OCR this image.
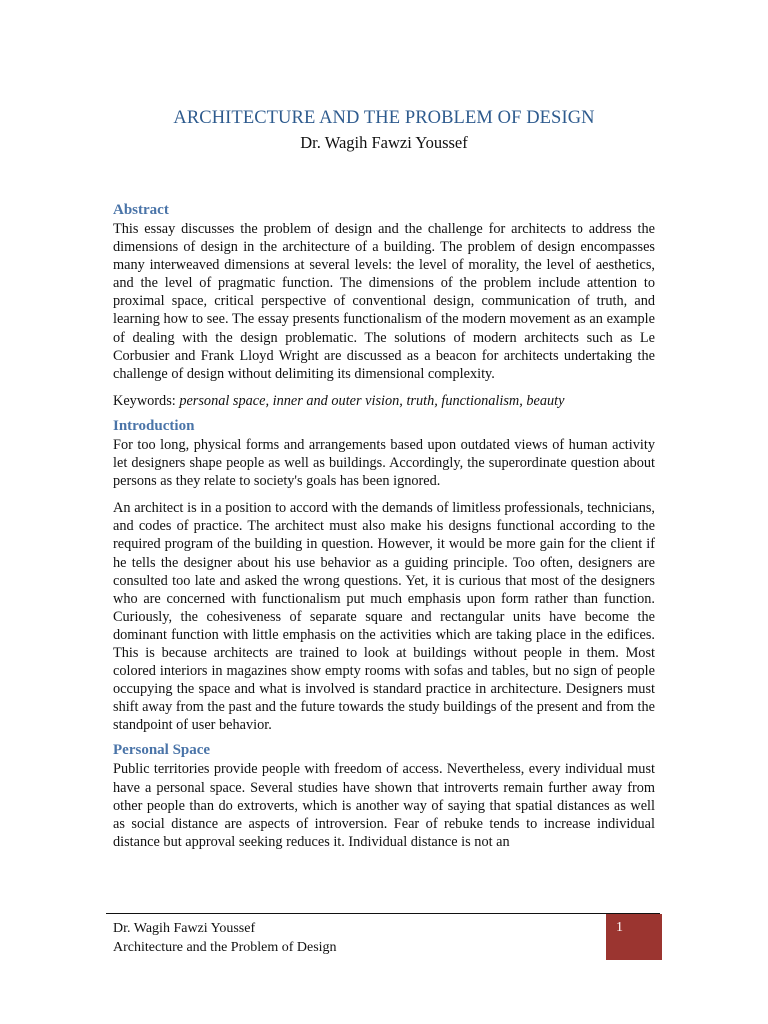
ARCHITECTURE AND THE PROBLEM OF DESIGN
Dr. Wagih Fawzi Youssef
Abstract

This essay discusses the problem of design and the challenge for architects to address the dimensions of design in the architecture of a building. The problem of design encompasses many interweaved dimensions at several levels: the level of morality, the level of aesthetics, and the level of pragmatic function. The dimensions of the problem include attention to proximal space, critical perspective of conventional design, communication of truth, and learning how to see. The essay presents functionalism of the modern movement as an example of dealing with the design problematic. The solutions of modern architects such as Le Corbusier and Frank Lloyd Wright are discussed as a beacon for architects undertaking the challenge of design without delimiting its dimensional complexity.

Keywords: personal space, inner and outer vision, truth, functionalism, beauty

Introduction

For too long, physical forms and arrangements based upon outdated views of human activity let designers shape people as well as buildings. Accordingly, the superordinate question about persons as they relate to society's goals has been ignored.

An architect is in a position to accord with the demands of limitless professionals, technicians, and codes of practice. The architect must also make his designs functional according to the required program of the building in question. However, it would be more gain for the client if he tells the designer about his use behavior as a guiding principle. Too often, designers are consulted too late and asked the wrong questions. Yet, it is curious that most of the designers who are concerned with functionalism put much emphasis upon form rather than function. Curiously, the cohesiveness of separate square and rectangular units have become the dominant function with little emphasis on the activities which are taking place in the edifices. This is because architects are trained to look at buildings without people in them. Most colored interiors in magazines show empty rooms with sofas and tables, but no sign of people occupying the space and what is involved is standard practice in architecture. Designers must shift away from the past and the future towards the study buildings of the present and from the standpoint of user behavior.

Personal Space

Public territories provide people with freedom of access. Nevertheless, every individual must have a personal space. Several studies have shown that introverts remain further away from other people than do extroverts, which is another way of saying that spatial distances as well as social distance are aspects of introversion. Fear of rebuke tends to increase individual distance but approval seeking reduces it. Individual distance is not an

Dr. Wagih Fawzi Youssef
Architecture and the Problem of Design
1
